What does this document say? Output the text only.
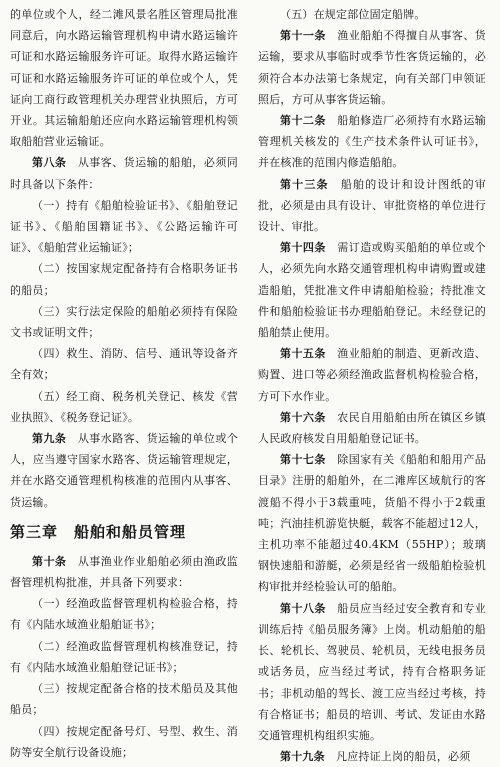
的单位或个人，经二滩风景名胜区管理局批准同意后，向水路运输管理机构申请水路运输许可证和水路运输服务许可证。取得水路运输许可证和水路运输服务许可证的单位或个人，凭证向工商行政管理机关办理营业执照后，方可开业。其运输船舶还应向水路运输管理机构领取船舶营业运输证。

第八条  从事客、货运输的船舶，必须同时具备以下条件：

（一）持有《船舶检验证书》、《船舶登记证书》、《船舶国籍证书》、《公路运输许可证》、《船舶营业运输证》；

（二）按国家规定配备持有合格职务证书的船员；

（三）实行法定保险的船舶必须持有保险文书或证明文件；

（四）救生、消防、信号、通讯等设备齐全有效；

（五）经工商、税务机关登记、核发《营业执照》、《税务登记证》。

第九条  从事水路客、货运输的单位或个人，应当遵守国家水路客、货运输管理规定，并在水路交通管理机构核准的范围内从事客、货运输。

第三章 船舶和船员管理

第十条  从事渔业作业船舶必须由渔政监督管理机构批准，并具备下列要求：

（一）经渔政监督管理机构检验合格，持有《内陆水域渔业船舶证书》；

（二）经渔政监督管理机构核准登记，持有《内陆水域渔业船舶登记证书》；

（三）按规定配备合格的技术船员及其他船员；

（四）按规定配备号灯、号型、救生、消防等安全航行设备设施；

（五）在规定部位固定船牌。

第十一条  渔业船舶不得擅自从事客、货运输，要求从事临时或季节性客货运输的，必须符合本办法第七条规定，向有关部门申领证照后，方可从事客货运输。

第十二条  船舶修造厂必须持有水路运输管理机关核发的《生产技术条件认可证书》，并在核准的范围内修造船舶。

第十三条  船舶的设计和设计图纸的审批，必须是由具有设计、审批资格的单位进行设计、审批。

第十四条  需订造或购买船舶的单位或个人，必须先向水路交通管理机构申请购置或建造船舶，凭批准文件申请船舶检验；持批准文件和船舶检验证书办理船舶登记。未经登记的船舶禁止使用。

第十五条  渔业船舶的制造、更新改造、购置、进口等必须经渔政监督机构检验合格，方可下水作业。

第十六条  农民自用船舶由所在镇区乡镇人民政府核发自用船舶登记证书。

第十七条  除国家有关《船舶和船用产品目录》注册的船舶外，在二滩库区域航行的客渡船不得小于3载重吨，货船不得小于2载重吨；汽油挂机游览快艇，载客不能超过12人，主机功率不能超过40.4KM（55HP）；玻璃钢快速船和游艇，必须是经省一级船舶检验机构审批并经检验认可的船舶。

第十八条  船员应当经过安全教育和专业训练后持《船员服务簿》上岗。机动船舶的船长、轮机长、驾驶员、轮机员，无线电报务员或话务员，应当经过考试，持有合格职务证书；非机动船的驾长、渡工应当经过考核，持有合格证书；船员的培训、考试、发证由水路交通管理机构组织实施。

第十九条  凡应持证上岗的船员，必须
